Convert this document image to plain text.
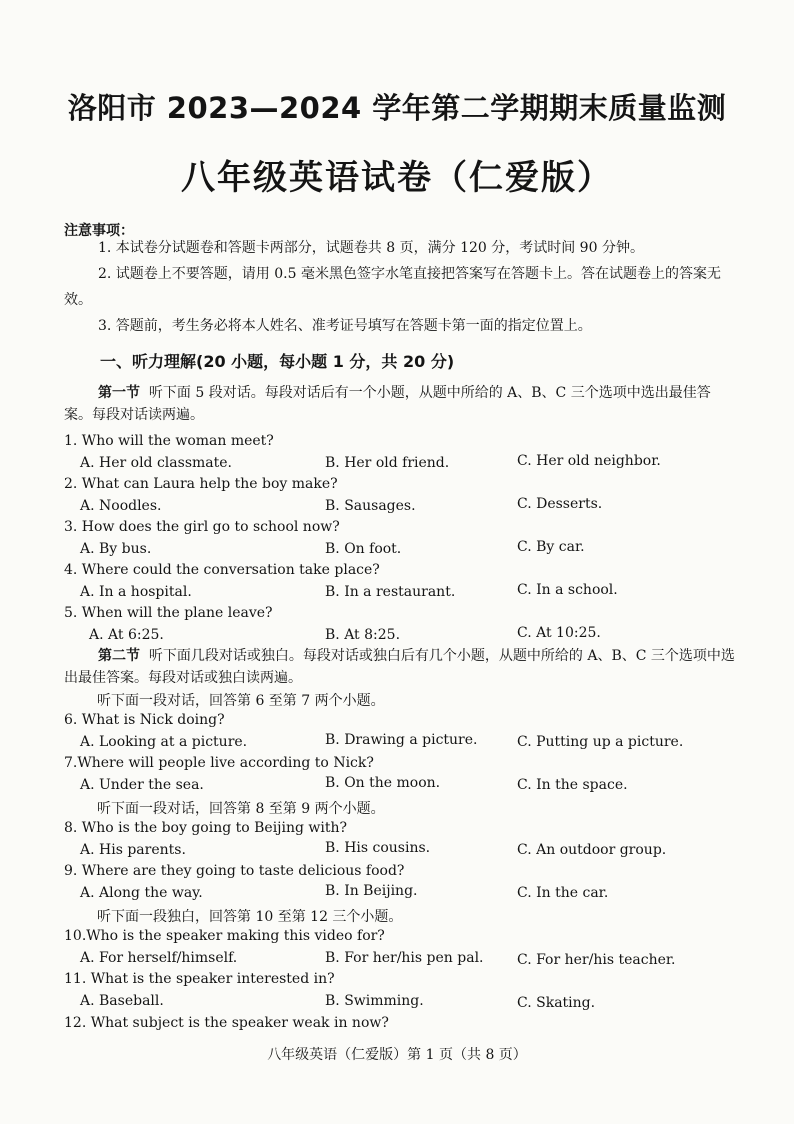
洛阳市 2023—2024 学年第二学期期末质量监测
八年级英语试卷（仁爱版）
注意事项：
1. 本试卷分试题卷和答题卡两部分，试题卷共 8 页，满分 120 分，考试时间 90 分钟。
2. 试题卷上不要答题，请用 0.5 毫米黑色签字水笔直接把答案写在答题卡上。答在试题卷上的答案无效。
3. 答题前，考生务必将本人姓名、准考证号填写在答题卡第一面的指定位置上。
一、听力理解(20 小题，每小题 1 分，共 20 分)
第一节 听下面 5 段对话。每段对话后有一个小题，从题中所给的 A、B、C 三个选项中选出最佳答案。每段对话读两遍。
1. Who will the woman meet?
A. Her old classmate.	B. Her old friend.	C. Her old neighbor.
2. What can Laura help the boy make?
A. Noodles.	B. Sausages.	C. Desserts.
3. How does the girl go to school now?
A. By bus.	B. On foot.	C. By car.
4. Where could the conversation take place?
A. In a hospital.	B. In a restaurant.	C. In a school.
5. When will the plane leave?
A. At 6:25.	B. At 8:25.	C. At 10:25.
第二节 听下面几段对话或独白。每段对话或独白后有几个小题，从题中所给的 A、B、C 三个选项中选出最佳答案。每段对话或独白读两遍。
听下面一段对话，回答第 6 至第 7 两个小题。
6. What is Nick doing?
A. Looking at a picture.	B. Drawing a picture.	C. Putting up a picture.
7.Where will people live according to Nick?
A. Under the sea.	B. On the moon.	C. In the space.
听下面一段对话，回答第 8 至第 9 两个小题。
8. Who is the boy going to Beijing with?
A. His parents.	B. His cousins.	C. An outdoor group.
9. Where are they going to taste delicious food?
A. Along the way.	B. In Beijing.	C. In the car.
听下面一段独白，回答第 10 至第 12 三个小题。
10.Who is the speaker making this video for?
A. For herself/himself.	B. For her/his pen pal. C. For her/his teacher.
11. What is the speaker interested in?
A. Baseball.	B. Swimming.	C. Skating.
12. What subject is the speaker weak in now?
八年级英语（仁爱版）第 1 页（共 8 页）
